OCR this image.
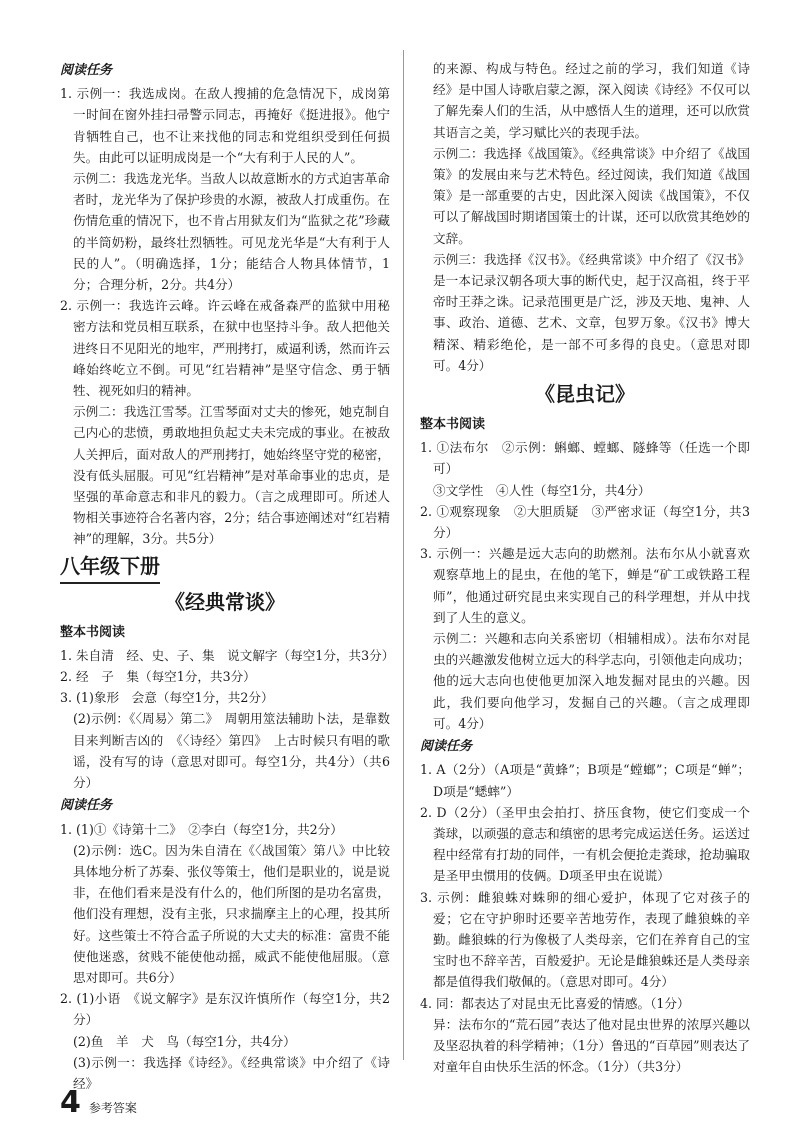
阅读任务

1. 示例一：我选成岗。在敌人搜捕的危急情况下，成岗第一时间在窗外挂扫帚警示同志，再掩好《挺进报》。他宁肯牺牲自己，也不让来找他的同志和党组织受到任何损失。由此可以证明成岗是一个“大有利于人民的人”。

示例二：我选龙光华。当敌人以故意断水的方式迫害革命者时，龙光华为了保护珍贵的水源，被敌人打成重伤。在伤情危重的情况下，也不肯占用狱友们为“监狱之花”珍藏的半筒奶粉，最终壮烈牺牲。可见龙光华是“大有利于人民的人”。（明确选择，1分；能结合人物具体情节，1分；合理分析，2分。共4分）

2. 示例一：我选许云峰。许云峰在戒备森严的监狱中用秘密方法和党员相互联系，在狱中也坚持斗争。敌人把他关进终日不见阳光的地牢，严刑拷打，威逼利诱，然而许云峰始终屹立不倒。可见“红岩精神”是坚守信念、勇于牺牲、视死如归的精神。

示例二：我选江雪琴。江雪琴面对丈夫的惨死，她克制自己内心的悲愤，勇敢地担负起丈夫未完成的事业。在被敌人关押后，面对敌人的严刑拷打，她始终坚守党的秘密，没有低头屈服。可见“红岩精神”是对革命事业的忠贞，是坚强的革命意志和非凡的毅力。（言之成理即可。所述人物相关事迹符合名著内容，2分；结合事迹阐述对“红岩精神”的理解，3分。共5分）

八年级下册
《经典常谈》
整本书阅读

1. 朱自清　经、史、子、集　说文解字（每空1分，共3分）

2. 经　子　集（每空1分，共3分）

3. (1)象形　会意（每空1分，共2分）

(2)示例：《〈周易〉第二》　周朝用筮法辅助卜法，是靠数目来判断吉凶的　《〈诗经〉第四》　上古时候只有唱的歌谣，没有写的诗（意思对即可。每空1分，共4分）（共6分）

阅读任务

1. (1)①《诗第十二》　②李白（每空1分，共2分）

(2)示例：选C。因为朱自清在《〈战国策〉第八》中比较具体地分析了苏秦、张仪等策士，他们是职业的，说是说非，在他们看来是没有什么的，他们所图的是功名富贵，他们没有理想，没有主张，只求揣摩主上的心理，投其所好。这些策士不符合孟子所说的大丈夫的标准：富贵不能使他迷惑，贫贱不能使他动摇，威武不能使他屈服。（意思对即可。共6分）

2. (1)小语　《说文解字》是东汉许慎所作（每空1分，共2分）

(2)鱼　羊　犬　鸟（每空1分，共4分）

(3)示例一：我选择《诗经》。《经典常谈》中介绍了《诗经》

的来源、构成与特色。经过之前的学习，我们知道《诗经》是中国人诗歌启蒙之源，深入阅读《诗经》不仅可以了解先秦人们的生活，从中感悟人生的道理，还可以欣赏其语言之美，学习赋比兴的表现手法。

示例二：我选择《战国策》。《经典常谈》中介绍了《战国策》的发展由来与艺术特色。经过阅读，我们知道《战国策》是一部重要的古史，因此深入阅读《战国策》，不仅可以了解战国时期诸国策士的计谋，还可以欣赏其绝妙的文辞。

示例三：我选择《汉书》。《经典常谈》中介绍了《汉书》是一本记录汉朝各项大事的断代史，起于汉高祖，终于平帝时王莽之诛。记录范围更是广泛，涉及天地、鬼神、人事、政治、道德、艺术、文章，包罗万象。《汉书》博大精深、精彩绝伦，是一部不可多得的良史。（意思对即可。4分）

《昆虫记》
整本书阅读

1. ①法布尔　②示例：蝌螂、螳螂、隧蜂等（任选一个即可）

③文学性　④人性（每空1分，共4分）

2. ①观察现象　②大胆质疑　③严密求证（每空1分，共3分）

3. 示例一：兴趣是远大志向的助燃剂。法布尔从小就喜欢观察草地上的昆虫，在他的笔下，蝉是“矿工或铁路工程师”，他通过研究昆虫来实现自己的科学理想，并从中找到了人生的意义。

示例二：兴趣和志向关系密切（相辅相成）。法布尔对昆虫的兴趣激发他树立远大的科学志向，引领他走向成功；他的远大志向也使他更加深入地发掘对昆虫的兴趣。因此，我们要向他学习，发掘自己的兴趣。（言之成理即可。4分）

阅读任务

1. A（2分）（A项是“黄蜂”；B项是“螳螂”；C项是“蝉”；D项是“蟋蟀”）

2. D（2分）（圣甲虫会拍打、挤压食物，使它们变成一个粪球，以顽强的意志和缜密的思考完成运送任务。运送过程中经常有打劫的同伴，一有机会便抢走粪球，抢劫骗取是圣甲虫惯用的伎俩。D项圣甲虫在说谎）

3. 示例：雌狼蛛对蛛卵的细心爱护，体现了它对孩子的爱；它在守护卵时还要辛苦地劳作，表现了雌狼蛛的辛勤。雌狼蛛的行为像极了人类母亲，它们在养育自己的宝宝时也不辞辛苦，百般爱护。无论是雌狼蛛还是人类母亲都是值得我们敬佩的。（意思对即可。4分）

4. 同：都表达了对昆虫无比喜爱的情感。（1分）

异：法布尔的“荒石园”表达了他对昆虫世界的浓厚兴趣以及坚忍执着的科学精神；（1分）鲁迅的“百草园”则表达了对童年自由快乐生活的怀念。（1分）（共3分）

4 参考答案
